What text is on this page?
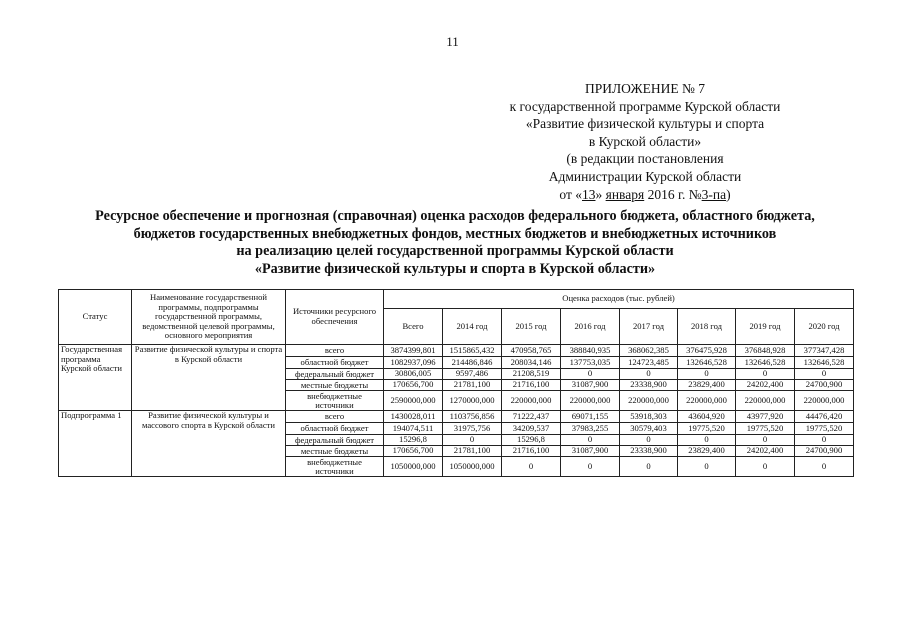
11
ПРИЛОЖЕНИЕ № 7
к государственной программе Курской области
«Развитие физической культуры и спорта
в Курской области»
(в редакции постановления
Администрации Курской области
от «13» января 2016 г. №3-па)
Ресурсное обеспечение и прогнозная (справочная) оценка расходов федерального бюджета, областного бюджета,
бюджетов государственных внебюджетных фондов, местных бюджетов и внебюджетных источников
на реализацию целей государственной программы Курской области
«Развитие физической культуры и спорта в Курской области»
Статус	Наименование государственной программы, подпрограммы государственной программы, ведомственной целевой программы, основного мероприятия	Источники ресурсного обеспечения	Оценка расходов (тыс. рублей)							
			Всего	2014 год	2015 год	2016 год	2017 год	2018 год	2019 год	2020 год
Государственная программа Курской области	Развитие физической культуры и спорта в Курской области	всего	3874399,801	1515865,432	470958,765	388840,935	368062,385	376475,928	376848,928	377347,428
		областной бюджет	1082937,096	214486,846	208034,146	137753,035	124723,485	132646,528	132646,528	132646,528
		федеральный бюджет	30806,005	9597,486	21208,519	0	0	0	0	0
		местные бюджеты	170656,700	21781,100	21716,100	31087,900	23338,900	23829,400	24202,400	24700,900
		внебюджетные источники	2590000,000	1270000,000	220000,000	220000,000	220000,000	220000,000	220000,000	220000,000
Подпрограмма 1	Развитие физической культуры и массового спорта в Курской области	всего	1430028,011	1103756,856	71222,437	69071,155	53918,303	43604,920	43977,920	44476,420
		областной бюджет	194074,511	31975,756	34209,537	37983,255	30579,403	19775,520	19775,520	19775,520
		федеральный бюджет	15296,8	0	15296,8	0	0	0	0	0
		местные бюджеты	170656,700	21781,100	21716,100	31087,900	23338,900	23829,400	24202,400	24700,900
		внебюджетные источники	1050000,000	1050000,000	0	0	0	0	0	0
